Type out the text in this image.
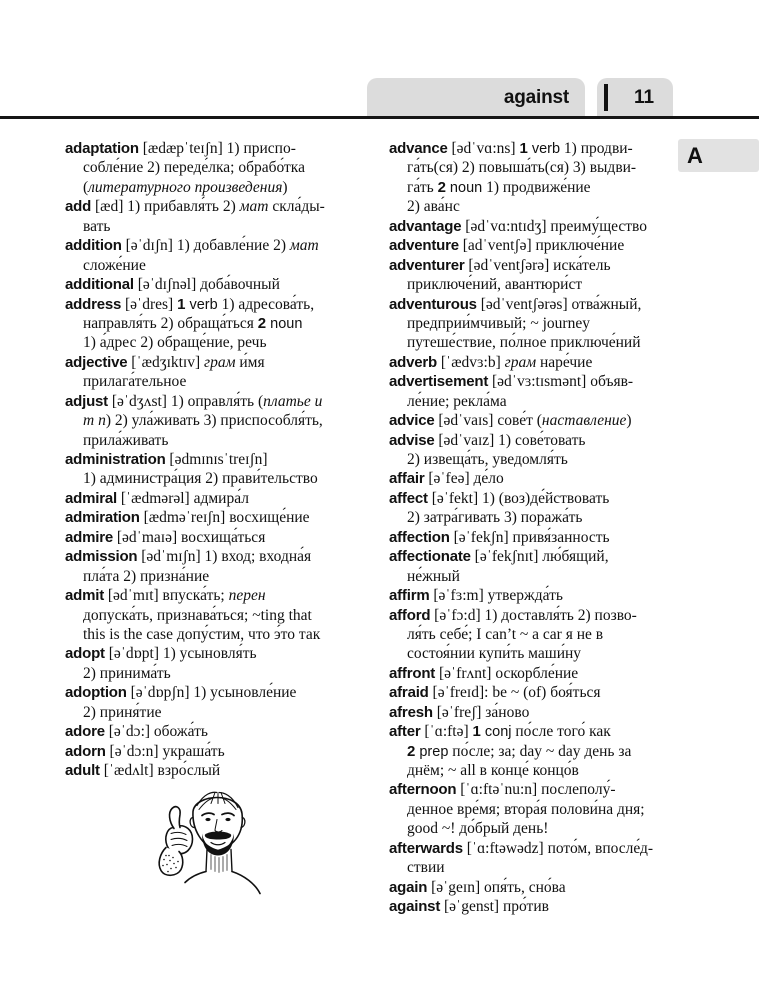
against	11
A
adaptation [ædæpˈteɪʃn] 1) приспо-
собле́ние 2) переде́лка; обрабо́тка
(литературного произведения)
add [æd] 1) прибавля́ть 2) мат скла́ды-
вать
addition [əˈdɪʃn] 1) добавле́ние 2) мат
сложе́ние
additional [əˈdɪʃnəl] доба́вочный
address [əˈdres] 1 verb 1) адресова́ть,
направля́ть 2) обраща́ться 2 noun
1) а́дрес 2) обраще́ние, речь
adjective [ˈædʒɪktɪv] грам и́мя
прилага́тельное
adjust [əˈdʒʌst] 1) оправля́ть (платье и
т п) 2) ула́живать 3) приспособля́ть,
прила́живать
administration [ədmɪnɪsˈtreɪʃn]
1) администра́ция 2) прави́тельство
admiral [ˈædmərəl] адмира́л
admiration [ædməˈreɪʃn] восхище́ние
admire [ədˈmaɪə] восхища́ться
admission [ədˈmɪʃn] 1) вход; входна́я
пла́та 2) призна́ние
admit [ədˈmɪt] впуска́ть; перен
допуска́ть, признава́ться; ~ting that
this is the case допу́стим, что э́то так
adopt [əˈdɒpt] 1) усыновля́ть
2) принима́ть
adoption [əˈdɒpʃn] 1) усыновле́ние
2) приня́тие
adore [əˈdɔ:] обожа́ть
adorn [əˈdɔ:n] украша́ть
adult [ˈædʌlt] взро́слый
advance [ədˈvɑ:ns] 1 verb 1) продви-
га́ть(ся) 2) повыша́ть(ся) 3) выдви-
га́ть 2 noun 1) продвиже́ние
2) ава́нс
advantage [ədˈvɑ:ntɪdʒ] преиму́щество
adventure [adˈventʃə] приключе́ние
adventurer [ədˈventʃərə] иска́тель
приключе́ний, авантюри́ст
adventurous [ədˈventʃərəs] отва́жный,
предприи́мчивый; ~ journey
путеше́ствие, по́лное приключе́ний
adverb [ˈædvɜ:b] грам наре́чие
advertisement [ədˈvɜ:tɪsmənt] объяв-
ле́ние; рекла́ма
advice [ədˈvaɪs] сове́т (наставление)
advise [ədˈvaɪz] 1) сове́товать
2) извеща́ть, уведомля́ть
affair [əˈfeə] де́ло
affect [əˈfekt] 1) (воз)де́йствовать
2) затра́гивать 3) поража́ть
affection [əˈfekʃn] привя́занность
affectionate [əˈfekʃnɪt] лю́бящий,
не́жный
affirm [əˈfɜ:m] утвержда́ть
afford [əˈfɔ:d] 1) доставля́ть 2) позво-
ля́ть себе́; I can’t ~ a car я не в
состоя́нии купи́ть маши́ну
affront [əˈfrʌnt] оскорбле́ние
afraid [əˈfreɪd]: be ~ (of) боя́ться
afresh [əˈfreʃ] за́ново
after [ˈɑ:ftə] 1 conj по́сле того́ как
2 prep по́сле; за; day ~ day день за
днём; ~ all в конце́ концо́в
afternoon [ˈɑ:ftəˈnu:n] послеполу́-
денное вре́мя; втора́я полови́на дня;
good ~! до́брый день!
afterwards [ˈɑ:ftəwədz] пото́м, впосле́д-
ствии
again [əˈgeɪn] опя́ть, сно́ва
against [əˈgenst] про́тив
